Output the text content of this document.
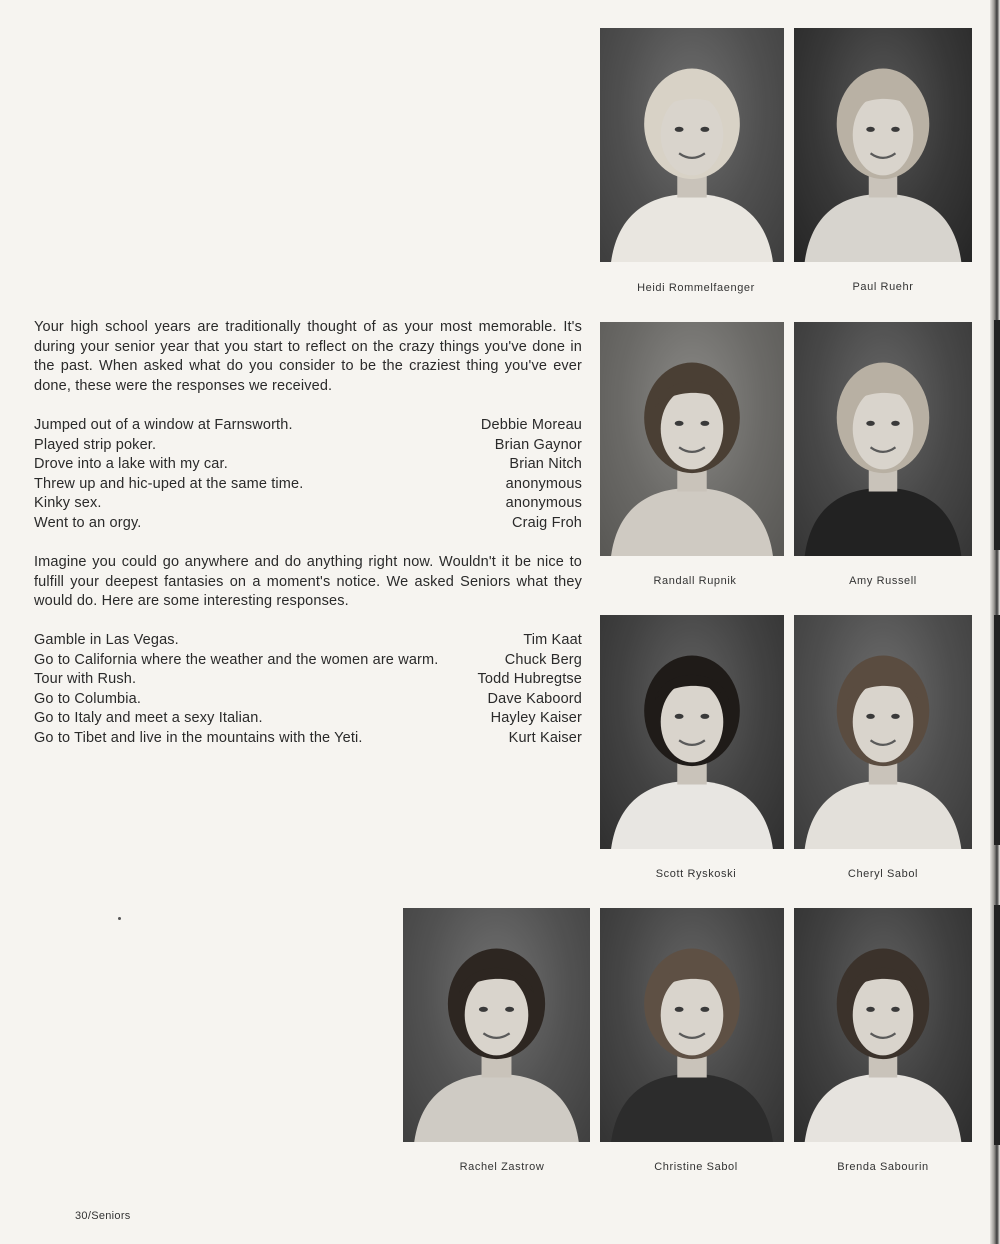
Your high school years are traditionally thought of as your most memorable. It's during your senior year that you start to reflect on the crazy things you've done in the past. When asked what do you consider to be the craziest thing you've ever done, these were the responses we received.

Jumped out of a window at Farnsworth.	Debbie Moreau
Played strip poker.	Brian Gaynor
Drove into a lake with my car.	Brian Nitch
Threw up and hic-uped at the same time.	anonymous
Kinky sex.	anonymous
Went to an orgy.	Craig Froh

Imagine you could go anywhere and do anything right now. Wouldn't it be nice to fulfill your deepest fantasies on a moment's notice. We asked Seniors what they would do. Here are some interesting responses.

Gamble in Las Vegas.	Tim Kaat
Go to California where the weather and the women are warm.	Chuck Berg
Tour with Rush.	Todd Hubregtse
Go to Columbia.	Dave Kaboord
Go to Italy and meet a sexy Italian.	Hayley Kaiser
Go to Tibet and live in the mountains with the Yeti.	Kurt Kaiser
Heidi Rommelfaenger	Paul Ruehr
Randall Rupnik	Amy Russell
Scott Ryskoski	Cheryl Sabol
Rachel Zastrow	Christine Sabol	Brenda Sabourin
30/Seniors
